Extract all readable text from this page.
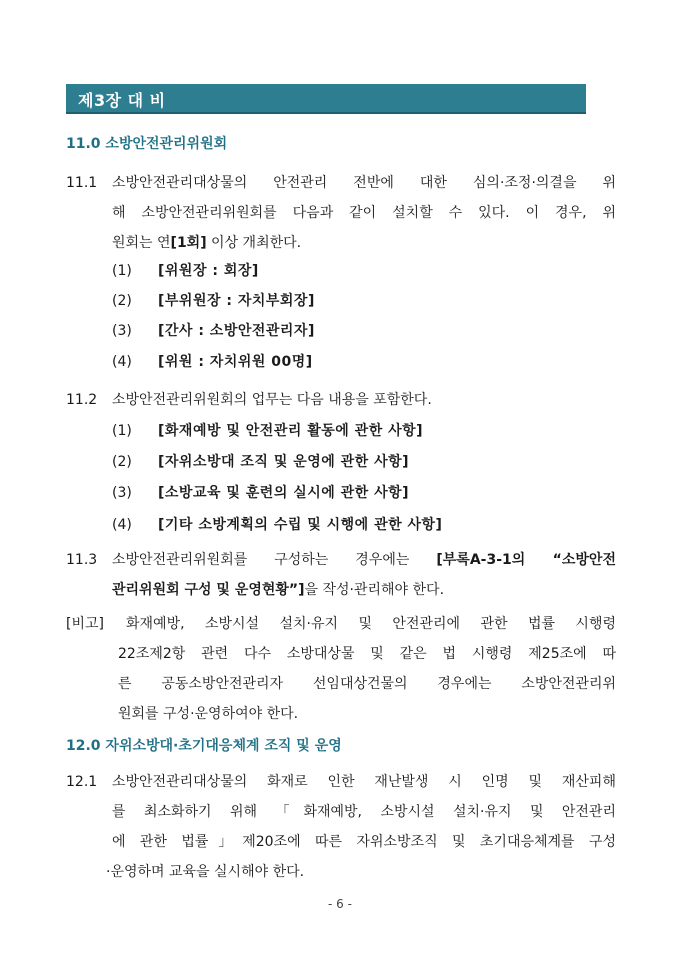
제3장 대 비
11.0 소방안전관리위원회
11.1 소방안전관리대상물의 안전관리 전반에 대한 심의·조정·의결을 위
해 소방안전관리위원회를 다음과 같이 설치할 수 있다. 이 경우, 위
원회는 연[1회] 이상 개최한다.
(1) [위원장 : 회장]
(2) [부위원장 : 자치부회장]
(3) [간사 : 소방안전관리자]
(4) [위원 : 자치위원 00명]
11.2 소방안전관리위원회의 업무는 다음 내용을 포함한다.
(1) [화재예방 및 안전관리 활동에 관한 사항]
(2) [자위소방대 조직 및 운영에 관한 사항]
(3) [소방교육 및 훈련의 실시에 관한 사항]
(4) [기타 소방계획의 수립 및 시행에 관한 사항]
11.3 소방안전관리위원회를 구성하는 경우에는 [부록A-3-1의 “소방안전
관리위원회 구성 및 운영현황”]을 작성·관리해야 한다.
[비고] 화재예방, 소방시설 설치·유지 및 안전관리에 관한 법률 시행령
22조제2항 관련 다수 소방대상물 및 같은 법 시행령 제25조에 따
른 공동소방안전관리자 선임대상건물의 경우에는 소방안전관리위
원회를 구성·운영하여야 한다.
12.0 자위소방대·초기대응체계 조직 및 운영
12.1 소방안전관리대상물의 화재로 인한 재난발생 시 인명 및 재산피해
를 최소화하기 위해 「화재예방, 소방시설 설치·유지 및 안전관리
에 관한 법률」제20조에 따른 자위소방조직 및 초기대응체계를 구성
·운영하며 교육을 실시해야 한다.
- 6 -
